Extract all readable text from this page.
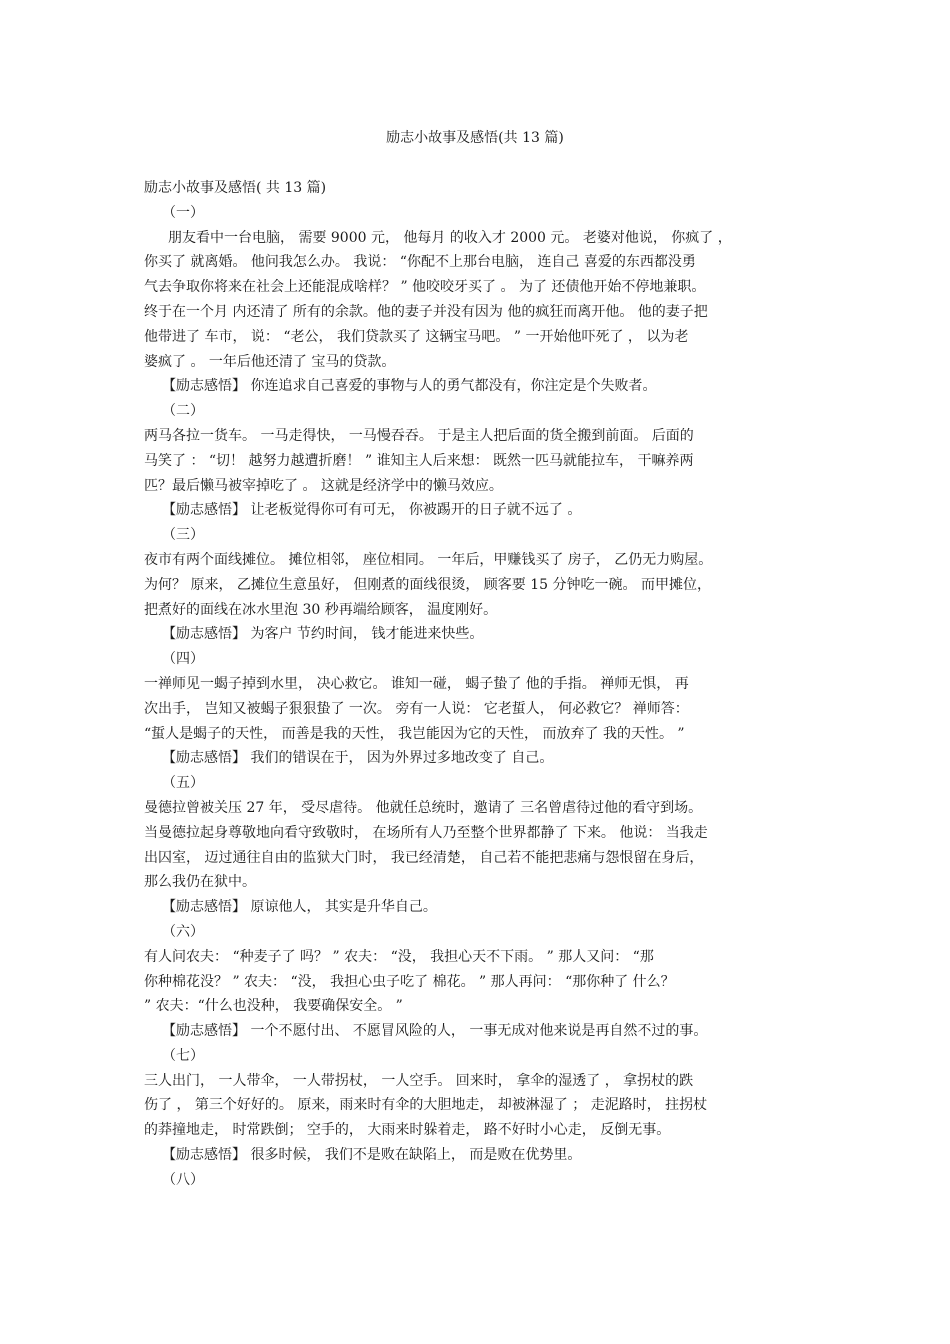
励志小故事及感悟(共 13 篇)
励志小故事及感悟( 共 13 篇)
（一）
朋友看中一台电脑， 需要 9000 元， 他每月 的收入才 2000 元。 老婆对他说， 你疯了 ，
你买了 就离婚。 他问我怎么办。 我说： “你配不上那台电脑， 连自己 喜爱的东西都没勇
气去争取你将来在社会上还能混成啥样？ ” 他咬咬牙买了 。 为了 还债他开始不停地兼职。
终于在一个月 内还清了 所有的余款。他的妻子并没有因为 他的疯狂而离开他。 他的妻子把
他带进了 车市， 说： “老公， 我们贷款买了 这辆宝马吧。 ” 一开始他吓死了 ， 以为老
婆疯了 。 一年后他还清了 宝马的贷款。
【励志感悟】 你连追求自己喜爱的事物与人的勇气都没有，你注定是个失败者。
（二）
两马各拉一货车。 一马走得快， 一马慢吞吞。 于是主人把后面的货全搬到前面。 后面的
马笑了 ： “切！ 越努力越遭折磨！ ” 谁知主人后来想： 既然一匹马就能拉车， 干嘛养两
匹？最后懒马被宰掉吃了 。 这就是经济学中的懒马效应。
【励志感悟】 让老板觉得你可有可无， 你被踢开的日子就不远了 。
（三）
夜市有两个面线摊位。 摊位相邻， 座位相同。 一年后，甲赚钱买了 房子， 乙仍无力购屋。
为何？ 原来， 乙摊位生意虽好， 但刚煮的面线很烫， 顾客要 15 分钟吃一碗。 而甲摊位，
把煮好的面线在冰水里泡 30 秒再端给顾客， 温度刚好。
【励志感悟】 为客户 节约时间， 钱才能进来快些。
（四）
一禅师见一蝎子掉到水里， 决心救它。 谁知一碰， 蝎子蛰了 他的手指。 禅师无惧， 再
次出手， 岂知又被蝎子狠狠蛰了 一次。 旁有一人说： 它老蜇人， 何必救它？ 禅师答：
“蜇人是蝎子的天性， 而善是我的天性， 我岂能因为它的天性， 而放弃了 我的天性。 ”
【励志感悟】 我们的错误在于， 因为外界过多地改变了 自己。
（五）
曼德拉曾被关压 27 年， 受尽虐待。 他就任总统时，邀请了 三名曾虐待过他的看守到场。
当曼德拉起身尊敬地向看守致敬时， 在场所有人乃至整个世界都静了 下来。 他说： 当我走
出囚室， 迈过通往自由的监狱大门时， 我已经清楚， 自己若不能把悲痛与怨恨留在身后，
那么我仍在狱中。
【励志感悟】 原谅他人， 其实是升华自己。
（六）
有人问农夫： “种麦子了 吗？ ” 农夫： “没， 我担心天不下雨。 ” 那人又问： “那
你种棉花没？ ” 农夫： “没， 我担心虫子吃了 棉花。 ” 那人再问： “那你种了 什么？
” 农夫：“什么也没种， 我要确保安全。 ”
【励志感悟】 一个不愿付出、 不愿冒风险的人， 一事无成对他来说是再自然不过的事。
（七）
三人出门， 一人带伞， 一人带拐杖， 一人空手。 回来时， 拿伞的湿透了 ， 拿拐杖的跌
伤了 ， 第三个好好的。 原来，雨来时有伞的大胆地走， 却被淋湿了 ； 走泥路时， 拄拐杖
的莽撞地走， 时常跌倒； 空手的， 大雨来时躲着走， 路不好时小心走， 反倒无事。
【励志感悟】 很多时候， 我们不是败在缺陷上， 而是败在优势里。
（八）
